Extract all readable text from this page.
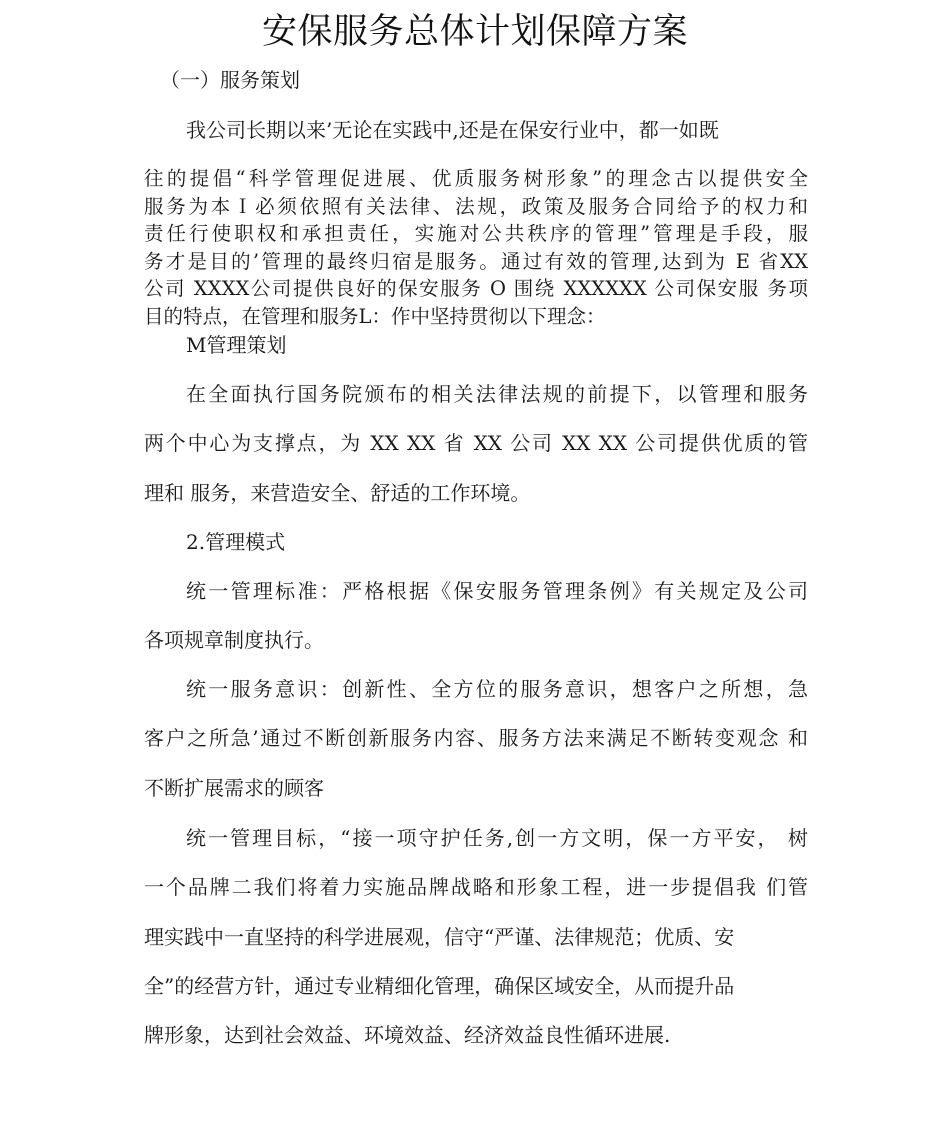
安保服务总体计划保障方案
（一）服务策划
我公司长期以来’无论在实践中,还是在保安行业中，都一如既
往的提倡“科学管理促进展、优质服务树形象”的理念古以提供安全
服务为本Ｉ必须依照有关法律、法规，政策及服务合同给予的权力和
责任行使职权和承担责任，实施对公共秩序的管理”管理是手段，服
务才是目的’管理的最终归宿是服务。通过有效的管理,达到为 E 省XX
公司 XXXX公司提供良好的保安服务 O 围绕 XXXXXX 公司保安服 务项
目的特点，在管理和服务L：作中坚持贯彻以下理念：
M管理策划
在全面执行国务院颁布的相关法律法规的前提下，以管理和服务
两个中心为支撑点，为 XX XX 省 XX 公司 XX XX 公司提供优质的管
理和 服务，来营造安全、舒适的工作环境。
2.管理模式
统一管理标准：严格根据《保安服务管理条例》有关规定及公司
各项规章制度执行。
统一服务意识：创新性、全方位的服务意识，想客户之所想，急
客户之所急’通过不断创新服务内容、服务方法来满足不断转变观念 和
不断扩展需求的顾客
统一管理目标，“接一项守护任务,创一方文明，保一方平安， 树
一个品牌二我们将着力实施品牌战略和形象工程，进一步提倡我 们管
理实践中一直坚持的科学进展观，信守“严谨、法律规范；优质、安
全”的经营方针，通过专业精细化管理，确保区域安全，从而提升品
牌形象，达到社会效益、环境效益、经济效益良性循环进展.
